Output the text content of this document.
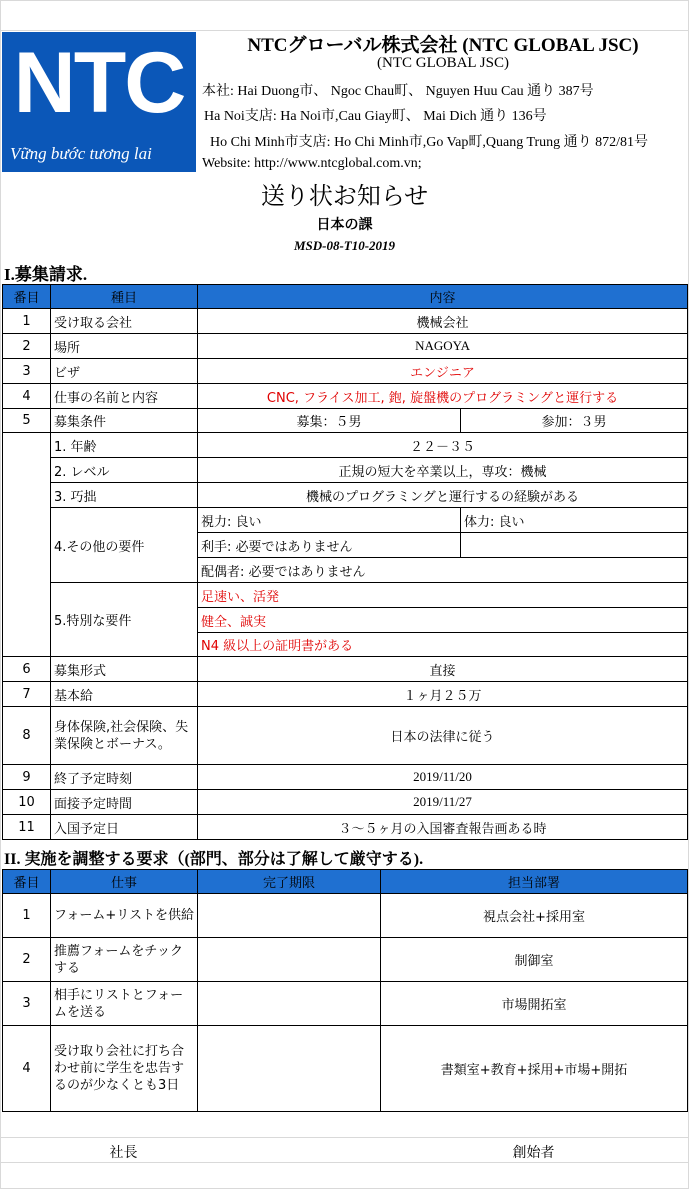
NTC
Vững bước tương lai
NTCグローバル株式会社 (NTC GLOBAL JSC)
(NTC GLOBAL JSC)
本社: Hai Duong市、 Ngoc Chau町、 Nguyen Huu Cau 通り 387号
Ha Noi支店: Ha Noi市,Cau Giay町、 Mai Dich 通り 136号
Ho Chi Minh市支店: Ho Chi Minh市,Go Vap町,Quang Trung 通り 872/81号
Website: http://www.ntcglobal.com.vn;
送り状お知らせ
日本の課
MSD-08-T10-2019
I.募集請求.
番目	種目	内容	
1	受け取る会社	機械会社	
2	場所	NAGOYA	
3	ビザ	エンジニア	
4	仕事の名前と内容	CNC, フライス加工, 鉋, 旋盤機のプログラミングと運行する	
5	募集条件	募集：５男	参加：３男
	1. 年齢	２２－３５	
	2. レベル	正規の短大を卒業以上，専攻：機械	
	3. 巧拙	機械のプログラミングと運行するの経験がある	
	4.その他の要件	視力: 良い	体力: 良い
		利手: 必要ではありません	
		配偶者: 必要ではありません	
	5.特別な要件	足速い、活発	
		健全、誠実	
		N4 級以上の証明書がある	
6	募集形式	直接	
7	基本給	１ヶ月２５万	
8	身体保険,社会保険、失業保険とボーナス。	日本の法律に従う	
9	終了予定時刻	2019/11/20	
10	面接予定時間	2019/11/27	
11	入国予定日	３～５ヶ月の入国審査報告画ある時	
II. 実施を調整する要求（(部門、部分は了解して厳守する).
番目	仕事	完了期限	担当部署
1	フォーム+リストを供給		視点会社+採用室
2	推薦フォームをチックする		制御室
3	相手にリストとフォームを送る		市場開拓室
4	受け取り会社に打ち合わせ前に学生を忠告するのが少なくとも3日		書類室+教育+採用+市場+開拓
社長	創始者
